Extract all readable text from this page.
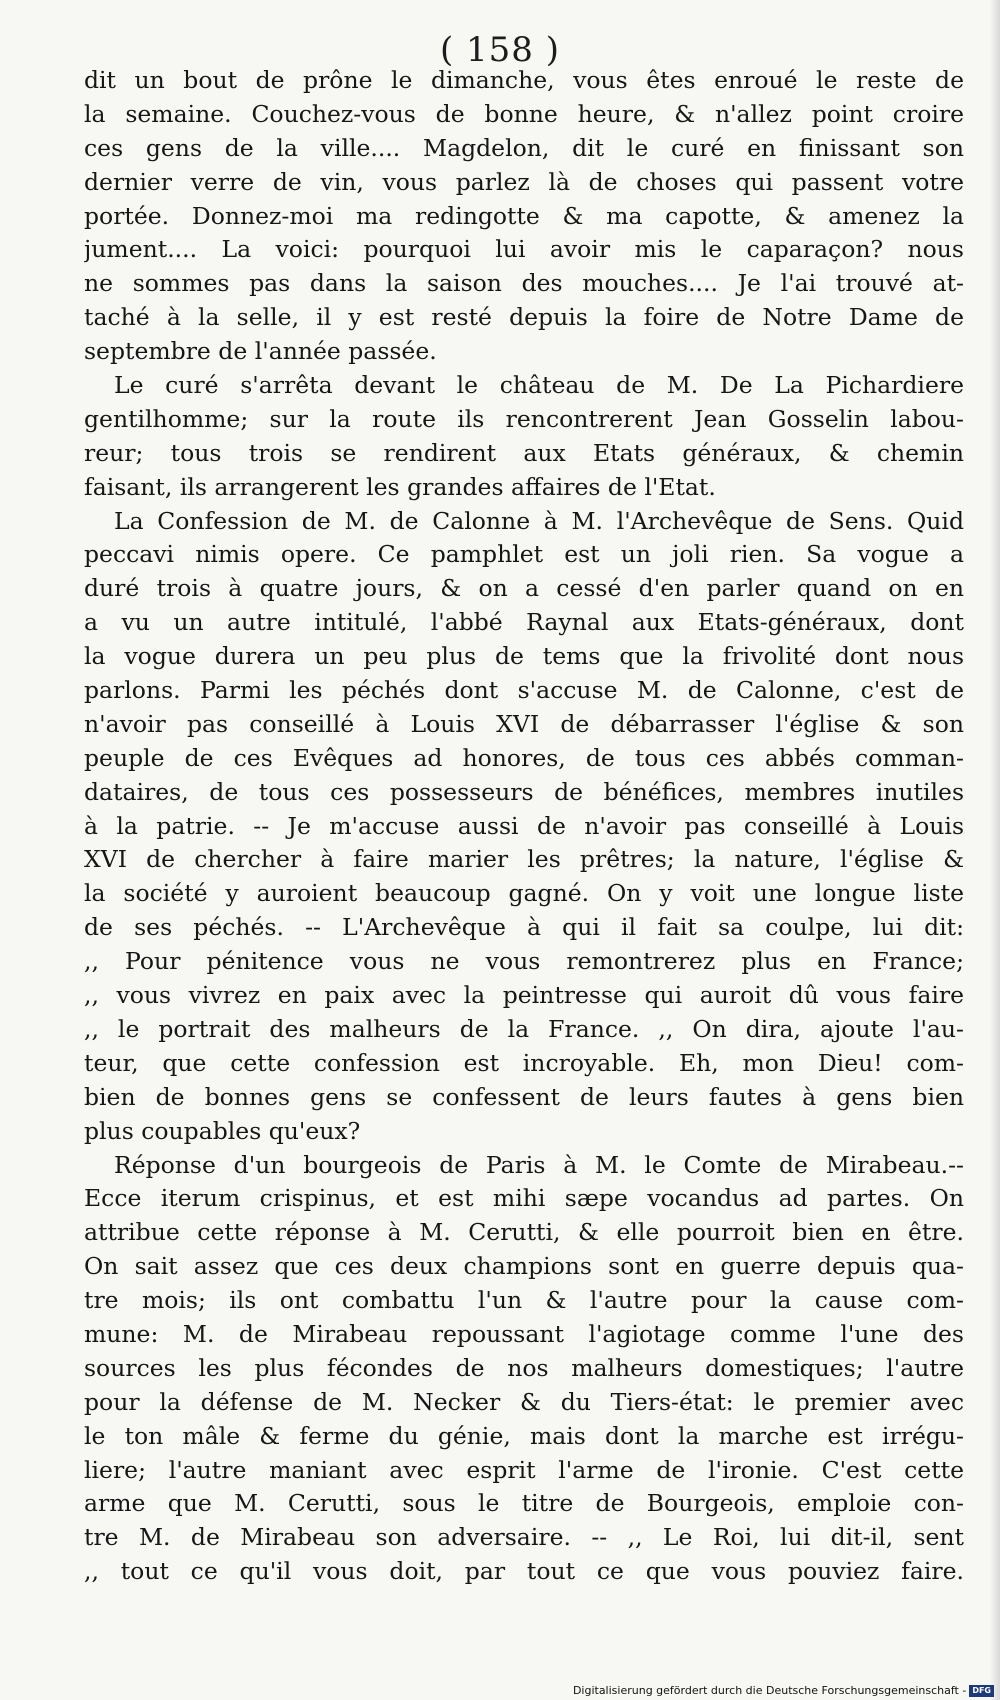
( 158 )
dit un bout de prône le dimanche, vous êtes enroué le reste de
la semaine. Couchez-vous de bonne heure, & n'allez point croire
ces gens de la ville.... Magdelon, dit le curé en finissant son
dernier verre de vin, vous parlez là de choses qui passent votre
portée. Donnez-moi ma redingotte & ma capotte, & amenez la
jument.... La voici: pourquoi lui avoir mis le caparaçon? nous
ne sommes pas dans la saison des mouches.... Je l'ai trouvé at-
taché à la selle, il y est resté depuis la foire de Notre Dame de
septembre de l'année passée.
Le curé s'arrêta devant le château de M. De La Pichardiere
gentilhomme; sur la route ils rencontrerent Jean Gosselin labou-
reur; tous trois se rendirent aux Etats généraux, & chemin
faisant, ils arrangerent les grandes affaires de l'Etat.
La Confession de M. de Calonne à M. l'Archevêque de Sens. Quid
peccavi nimis opere. Ce pamphlet est un joli rien. Sa vogue a
duré trois à quatre jours, & on a cessé d'en parler quand on en
a vu un autre intitulé, l'abbé Raynal aux Etats-généraux, dont
la vogue durera un peu plus de tems que la frivolité dont nous
parlons. Parmi les péchés dont s'accuse M. de Calonne, c'est de
n'avoir pas conseillé à Louis XVI de débarrasser l'église & son
peuple de ces Evêques ad honores, de tous ces abbés comman-
dataires, de tous ces possesseurs de bénéfices, membres inutiles
à la patrie. -- Je m'accuse aussi de n'avoir pas conseillé à Louis
XVI de chercher à faire marier les prêtres; la nature, l'église &
la société y auroient beaucoup gagné. On y voit une longue liste
de ses péchés. -- L'Archevêque à qui il fait sa coulpe, lui dit:
,, Pour pénitence vous ne vous remontrerez plus en France;
,, vous vivrez en paix avec la peintresse qui auroit dû vous faire
,, le portrait des malheurs de la France. ,, On dira, ajoute l'au-
teur, que cette confession est incroyable. Eh, mon Dieu! com-
bien de bonnes gens se confessent de leurs fautes à gens bien
plus coupables qu'eux?
Réponse d'un bourgeois de Paris à M. le Comte de Mirabeau.--
Ecce iterum crispinus, et est mihi sæpe vocandus ad partes. On
attribue cette réponse à M. Cerutti, & elle pourroit bien en être.
On sait assez que ces deux champions sont en guerre depuis qua-
tre mois; ils ont combattu l'un & l'autre pour la cause com-
mune: M. de Mirabeau repoussant l'agiotage comme l'une des
sources les plus fécondes de nos malheurs domestiques; l'autre
pour la défense de M. Necker & du Tiers-état: le premier avec
le ton mâle & ferme du génie, mais dont la marche est irrégu-
liere; l'autre maniant avec esprit l'arme de l'ironie. C'est cette
arme que M. Cerutti, sous le titre de Bourgeois, emploie con-
tre M. de Mirabeau son adversaire. -- ,, Le Roi, lui dit-il, sent
,, tout ce qu'il vous doit, par tout ce que vous pouviez faire.
Digitalisierung gefördert durch die Deutsche Forschungsgemeinschaft - DFG
